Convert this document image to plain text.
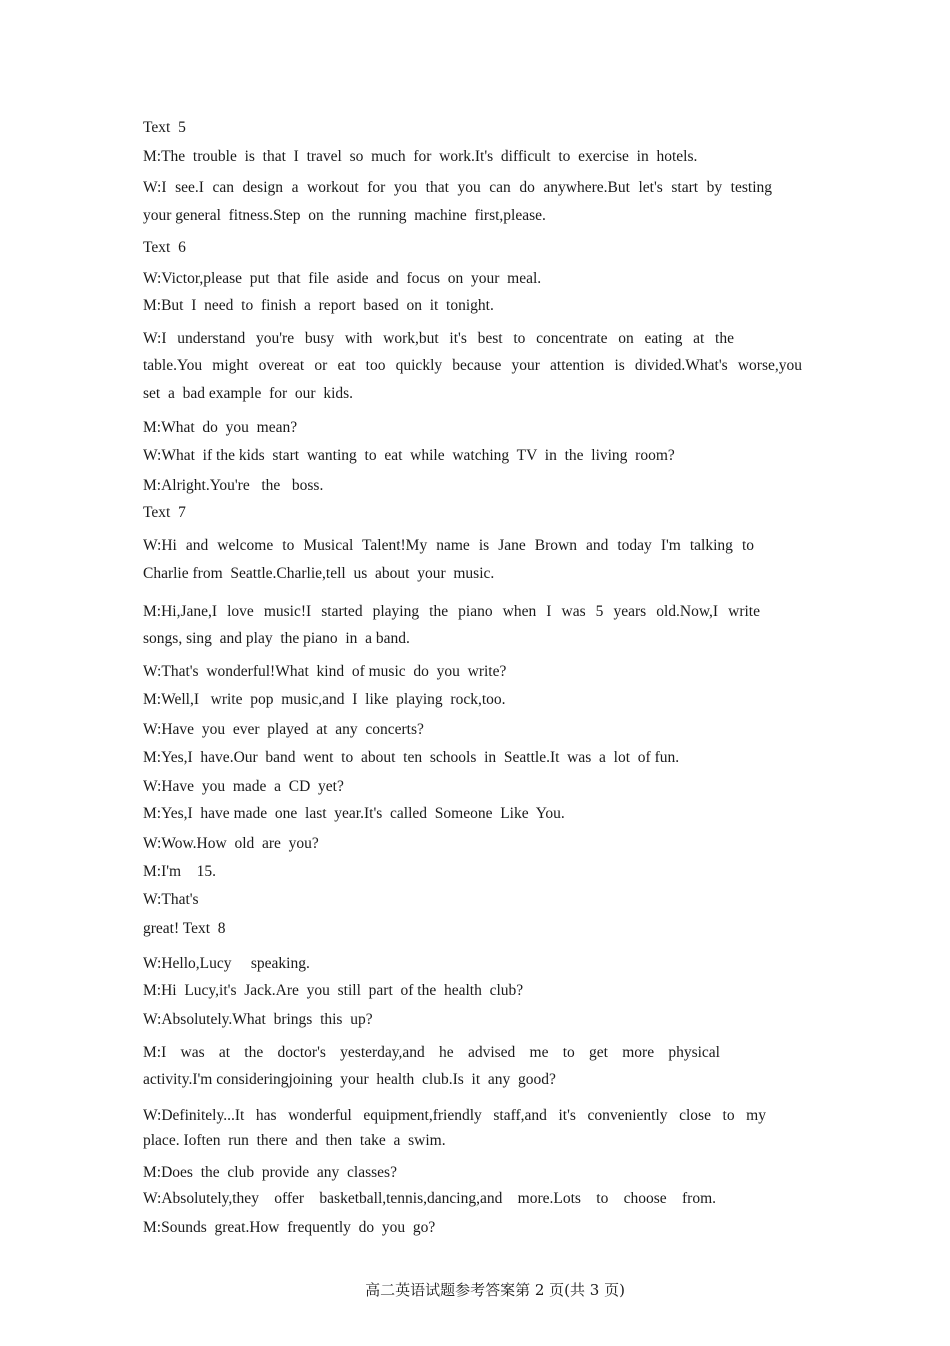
Text  5
M:The  trouble  is  that  I  travel  so  much  for  work.It's  difficult  to  exercise  in  hotels.
W:I see.I can design a workout for you that you can do anywhere.But let's start by testing
your general  fitness.Step  on  the  running  machine  first,please.
Text  6
W:Victor,please  put  that  file  aside  and  focus  on  your  meal.
M:But  I  need  to  finish  a  report  based  on  it  tonight.
W:I understand you're busy with work,but it's best to concentrate on eating at the
table.You might overeat or eat too quickly because your attention is divided.What's worse,you
set  a  bad example  for  our  kids.
M:What  do  you  mean?
W:What  if the kids  start  wanting  to  eat  while  watching  TV  in  the  living  room?
M:Alright.You're   the   boss.
Text  7
W:Hi and welcome to Musical Talent!My name is Jane Brown and today I'm talking to
Charlie from  Seattle.Charlie,tell  us  about  your  music.
M:Hi,Jane,I love music!I started playing the piano when I was 5 years old.Now,I write
songs, sing  and play  the piano  in  a band.
W:That's  wonderful!What  kind  of music  do  you  write?
M:Well,I   write  pop  music,and  I  like  playing  rock,too.
W:Have  you  ever  played  at  any  concerts?
M:Yes,I  have.Our  band  went  to  about  ten  schools  in  Seattle.It  was  a  lot  of fun.
W:Have  you  made  a  CD  yet?
M:Yes,I  have made  one  last  year.It's  called  Someone  Like  You.
W:Wow.How  old  are  you?
M:I'm    15.
W:That's
great! Text  8
W:Hello,Lucy     speaking.
M:Hi  Lucy,it's  Jack.Are  you  still  part  of the  health  club?
W:Absolutely.What  brings  this  up?
M:I was at the doctor's yesterday,and he advised me to get more physical
activity.I'm consideringjoining  your  health  club.Is  it  any  good?
W:Definitely...It has wonderful equipment,friendly staff,and it's conveniently close to my
place. Ioften  run  there  and  then  take  a  swim.
M:Does  the  club  provide  any  classes?
W:Absolutely,they offer basketball,tennis,dancing,and more.Lots to choose from.
M:Sounds  great.How  frequently  do  you  go?
高二英语试题参考答案第 2 页(共 3 页)
